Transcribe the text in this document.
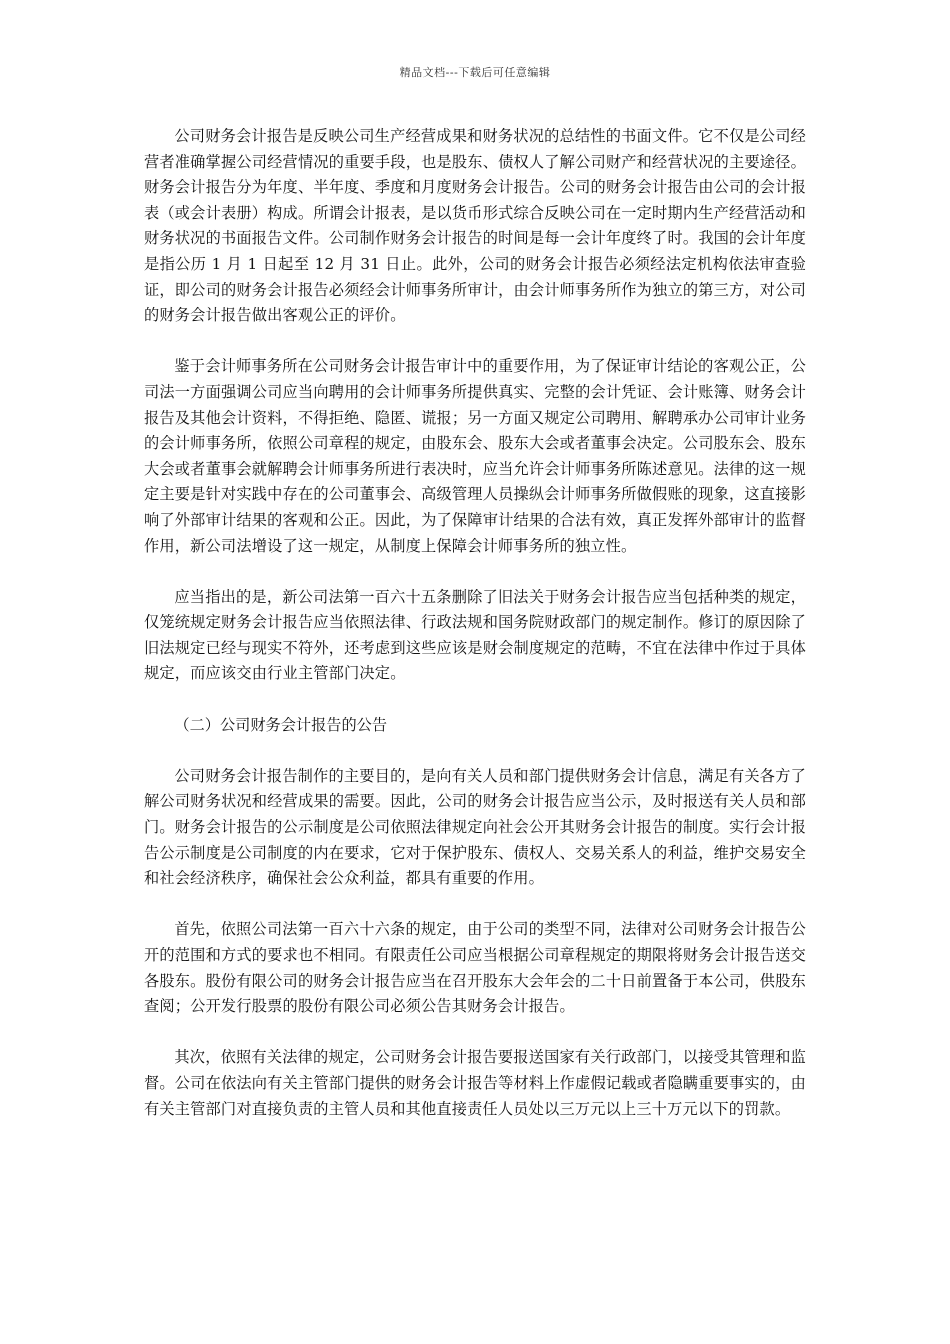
精品文档---下载后可任意编辑

公司财务会计报告是反映公司生产经营成果和财务状况的总结性的书面文件。它不仅是公司经营者准确掌握公司经营情况的重要手段，也是股东、债权人了解公司财产和经营状况的主要途径。财务会计报告分为年度、半年度、季度和月度财务会计报告。公司的财务会计报告由公司的会计报表（或会计表册）构成。所谓会计报表，是以货币形式综合反映公司在一定时期内生产经营活动和财务状况的书面报告文件。公司制作财务会计报告的时间是每一会计年度终了时。我国的会计年度是指公历 1 月 1 日起至 12 月 31 日止。此外，公司的财务会计报告必须经法定机构依法审查验证，即公司的财务会计报告必须经会计师事务所审计，由会计师事务所作为独立的第三方，对公司的财务会计报告做出客观公正的评价。

鉴于会计师事务所在公司财务会计报告审计中的重要作用，为了保证审计结论的客观公正，公司法一方面强调公司应当向聘用的会计师事务所提供真实、完整的会计凭证、会计账簿、财务会计报告及其他会计资料，不得拒绝、隐匿、谎报；另一方面又规定公司聘用、解聘承办公司审计业务的会计师事务所，依照公司章程的规定，由股东会、股东大会或者董事会决定。公司股东会、股东大会或者董事会就解聘会计师事务所进行表决时，应当允许会计师事务所陈述意见。法律的这一规定主要是针对实践中存在的公司董事会、高级管理人员操纵会计师事务所做假账的现象，这直接影响了外部审计结果的客观和公正。因此，为了保障审计结果的合法有效，真正发挥外部审计的监督作用，新公司法增设了这一规定，从制度上保障会计师事务所的独立性。

应当指出的是，新公司法第一百六十五条删除了旧法关于财务会计报告应当包括种类的规定，仅笼统规定财务会计报告应当依照法律、行政法规和国务院财政部门的规定制作。修订的原因除了旧法规定已经与现实不符外，还考虑到这些应该是财会制度规定的范畴，不宜在法律中作过于具体规定，而应该交由行业主管部门决定。

（二）公司财务会计报告的公告

公司财务会计报告制作的主要目的，是向有关人员和部门提供财务会计信息，满足有关各方了解公司财务状况和经营成果的需要。因此，公司的财务会计报告应当公示，及时报送有关人员和部门。财务会计报告的公示制度是公司依照法律规定向社会公开其财务会计报告的制度。实行会计报告公示制度是公司制度的内在要求，它对于保护股东、债权人、交易关系人的利益，维护交易安全和社会经济秩序，确保社会公众利益，都具有重要的作用。

首先，依照公司法第一百六十六条的规定，由于公司的类型不同，法律对公司财务会计报告公开的范围和方式的要求也不相同。有限责任公司应当根据公司章程规定的期限将财务会计报告送交各股东。股份有限公司的财务会计报告应当在召开股东大会年会的二十日前置备于本公司，供股东查阅；公开发行股票的股份有限公司必须公告其财务会计报告。

其次，依照有关法律的规定，公司财务会计报告要报送国家有关行政部门，以接受其管理和监督。公司在依法向有关主管部门提供的财务会计报告等材料上作虚假记载或者隐瞒重要事实的，由有关主管部门对直接负责的主管人员和其他直接责任人员处以三万元以上三十万元以下的罚款。
